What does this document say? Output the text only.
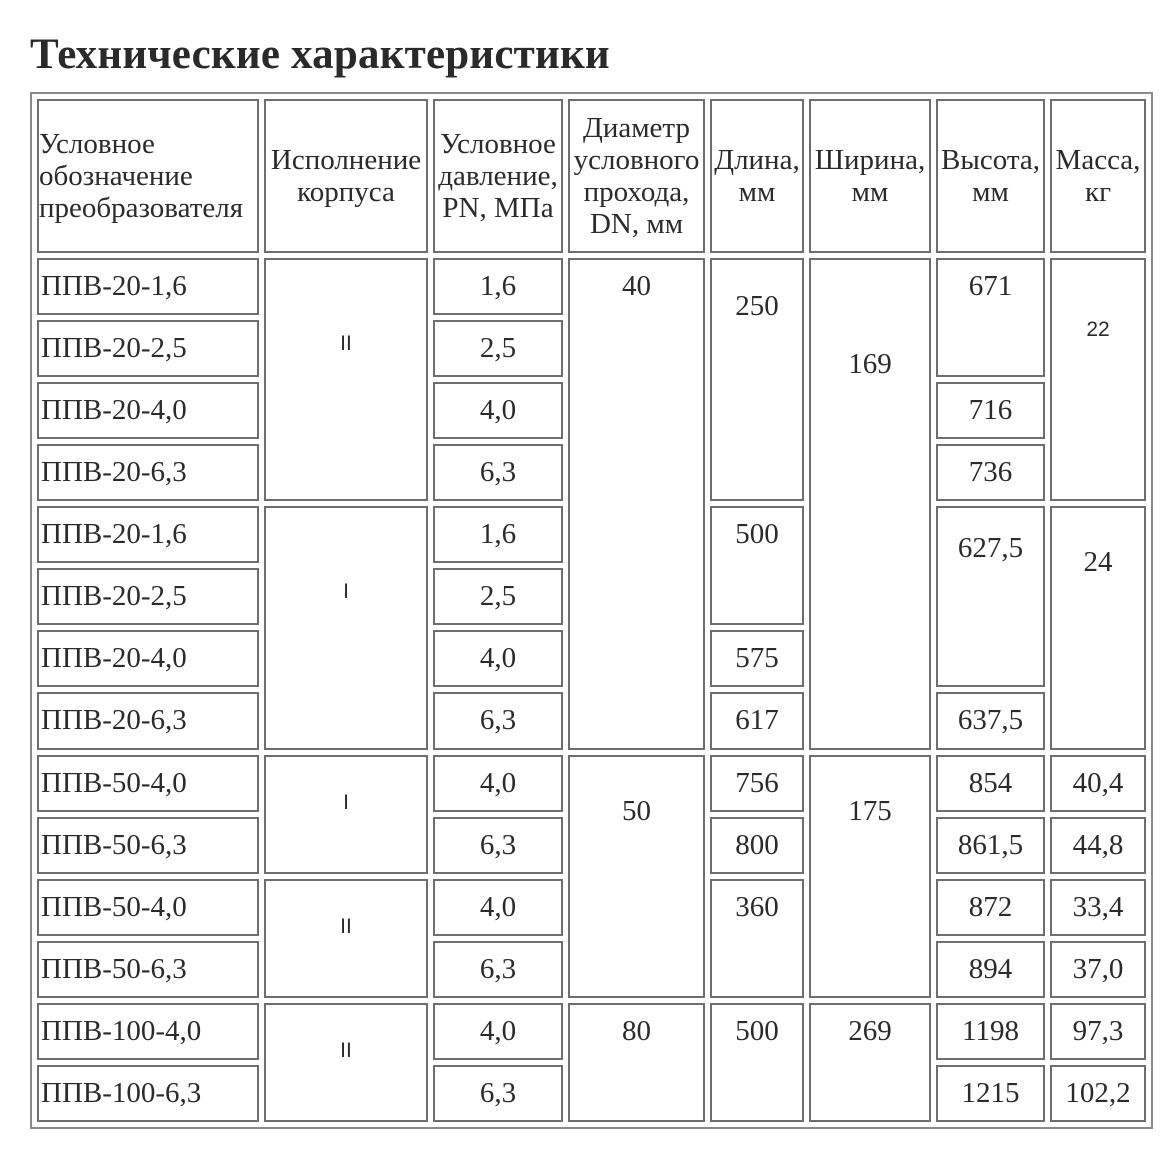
Технические характеристики
Условное обозначение преобразователя	Исполнение корпуса	Условное давление, PN, МПа	Диаметр условного прохода, DN, мм	Длина, мм	Ширина, мм	Высота, мм	Масса, кг
ППВ-20-1,6	II	1,6	40	250	169	671	22
ППВ-20-2,5		2,5					
ППВ-20-4,0		4,0				716	
ППВ-20-6,3		6,3				736	
ППВ-20-1,6	I	1,6		500		627,5	24
ППВ-20-2,5		2,5					
ППВ-20-4,0		4,0		575			
ППВ-20-6,3		6,3		617		637,5	
ППВ-50-4,0	I	4,0	50	756	175	854	40,4
ППВ-50-6,3		6,3		800		861,5	44,8
ППВ-50-4,0	II	4,0		360		872	33,4
ППВ-50-6,3		6,3				894	37,0
ППВ-100-4,0	II	4,0	80	500	269	1198	97,3
ППВ-100-6,3		6,3				1215	102,2
